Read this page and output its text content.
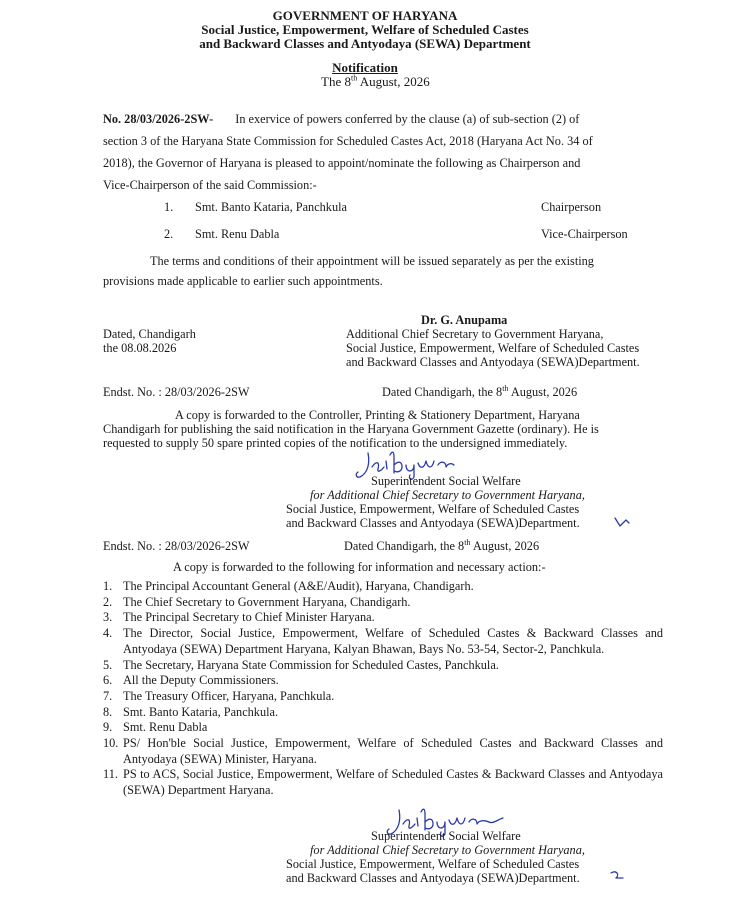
GOVERNMENT OF HARYANA
Social Justice, Empowerment, Welfare of Scheduled Castes
and Backward Classes and Antyodaya (SEWA) Department
Notification
The 8th August, 2026
No. 28/03/2026-2SW- In exervice of powers conferred by the clause (a) of sub-section (2) of
section 3 of the Haryana State Commission for Scheduled Castes Act, 2018 (Haryana Act No. 34 of
2018), the Governor of Haryana is pleased to appoint/nominate the following as Chairperson and
Vice-Chairperson of the said Commission:-
1. Smt. Banto Kataria, Panchkula	Chairperson
2. Smt. Renu Dabla	Vice-Chairperson
The terms and conditions of their appointment will be issued separately as per the existing
provisions made applicable to earlier such appointments.
Dr. G. Anupama
Additional Chief Secretary to Government Haryana,
Social Justice, Empowerment, Welfare of Scheduled Castes
and Backward Classes and Antyodaya (SEWA)Department.
Dated, Chandigarh
the 08.08.2026
Endst. No. : 28/03/2026-2SW	Dated Chandigarh, the 8th August, 2026
A copy is forwarded to the Controller, Printing & Stationery Department, Haryana
Chandigarh for publishing the said notification in the Haryana Government Gazette (ordinary). He is
requested to supply 50 spare printed copies of the notification to the undersigned immediately.
Superintendent Social Welfare
for Additional Chief Secretary to Government Haryana,
Social Justice, Empowerment, Welfare of Scheduled Castes
and Backward Classes and Antyodaya (SEWA)Department.
Endst. No. : 28/03/2026-2SW	Dated Chandigarh, the 8th August, 2026
A copy is forwarded to the following for information and necessary action:-
1. The Principal Accountant General (A&E/Audit), Haryana, Chandigarh.
2. The Chief Secretary to Government Haryana, Chandigarh.
3. The Principal Secretary to Chief Minister Haryana.
4. The Director, Social Justice, Empowerment, Welfare of Scheduled Castes & Backward Classes and Antyodaya (SEWA) Department Haryana, Kalyan Bhawan, Bays No. 53-54, Sector-2, Panchkula.
5. The Secretary, Haryana State Commission for Scheduled Castes, Panchkula.
6. All the Deputy Commissioners.
7. The Treasury Officer, Haryana, Panchkula.
8. Smt. Banto Kataria, Panchkula.
9. Smt. Renu Dabla
10. PS/ Hon'ble Social Justice, Empowerment, Welfare of Scheduled Castes and Backward Classes and Antyodaya (SEWA) Minister, Haryana.
11. PS to ACS, Social Justice, Empowerment, Welfare of Scheduled Castes & Backward Classes and Antyodaya (SEWA) Department Haryana.
Superintendent Social Welfare
for Additional Chief Secretary to Government Haryana,
Social Justice, Empowerment, Welfare of Scheduled Castes
and Backward Classes and Antyodaya (SEWA)Department.
